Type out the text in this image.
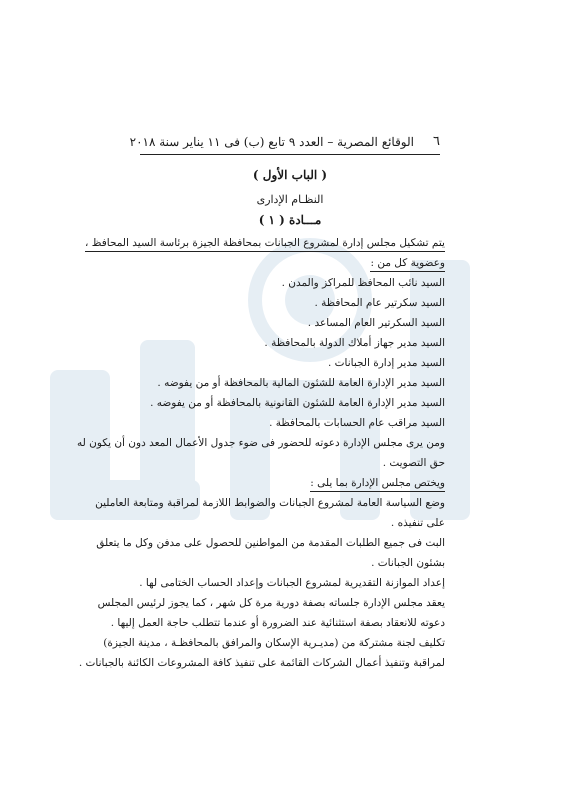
٦
الوقائع المصرية – العدد ٩ تابع (ب) فى ١١ يناير سنة ٢٠١٨
( الباب الأول )
النظـام الإدارى
مـــادة ( ١ )
يتم تشكيل مجلس إدارة لمشروع الجبانات بمحافظة الجيزة برئاسة السيد المحافظ ،
وعضوية كل من :
السيد نائب المحافظ للمراكز والمدن .
السيد سكرتير عام المحافظة .
السيد السكرتير العام المساعد .
السيد مدير جهاز أملاك الدولة بالمحافظة .
السيد مدير إدارة الجبانات .
السيد مدير الإدارة العامة للشئون المالية بالمحافظة أو من يفوضه .
السيد مدير الإدارة العامة للشئون القانونية بالمحافظة أو من يفوضه .
السيد مراقب عام الحسابات بالمحافظة .
ومن يرى مجلس الإدارة دعوته للحضور فى ضوء جدول الأعمال المعد دون أن يكون له
حق التصويت .
ويختص مجلس الإدارة بما يلى :
وضع السياسة العامة لمشروع الجبانات والضوابط اللازمة لمراقبة ومتابعة العاملين
على تنفيذه .
البت فى جميع الطلبات المقدمة من المواطنين للحصول على مدفن وكل ما يتعلق
بشئون الجبانات .
إعداد الموازنة التقديرية لمشروع الجبانات وإعداد الحساب الختامى لها .
يعقد مجلس الإدارة جلساته بصفة دورية مرة كل شهر ، كما يجوز لرئيس المجلس
دعوته للانعقاد بصفة استثنائية عند الضرورة أو عندما تتطلب حاجة العمل إليها .
تكليف لجنة مشتركة من (مديـرية الإسكان والمرافق بالمحافظـة ، مدينة الجيزة)
لمراقبة وتنفيذ أعمال الشركات القائمة على تنفيذ كافة المشروعات الكائنة بالجبانات .
